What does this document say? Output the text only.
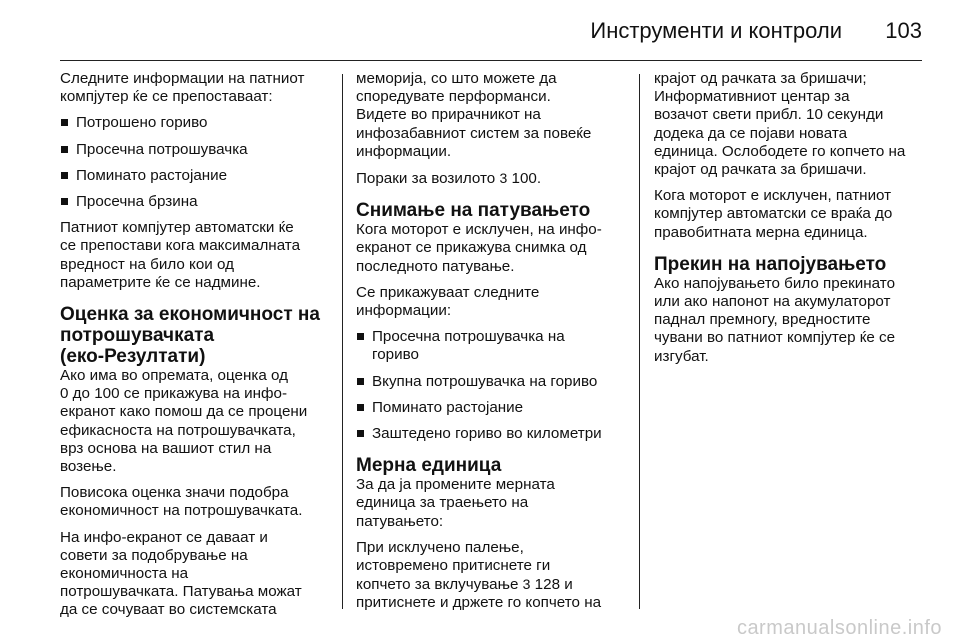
Инструменти и контроли 103

Следните информации на патниот
компјутер ќе се препоставаат:

Потрошено гориво
Просечна потрошувачка
Поминато растојание
Просечна брзина

Патниот компјутер автоматски ќе
се препостави кога максималната
вредност на било кои од
параметрите ќе се надмине.

Оценка за економичност на
потрошувачката
(еко-Резултати)

Ако има во опремата, оценка од
0 до 100 се прикажува на инфо-
екранот како помош да се процени
ефикасноста на потрошувачката,
врз основа на вашиот стил на
возење.

Повисока оценка значи подобра
економичност на потрошувачката.

На инфо-екранот се даваат и
совети за подобрување на
економичноста на
потрошувачката. Патувања можат
да се сочуваат во системската

меморија, со што можете да
споредувате перформанси.
Видете во прирачникот на
инфозабавниот систем за повеќе
информации.

Пораки за возилото 3 100.

Снимање на патувањето

Кога моторот е исклучен, на инфо-
екранот се прикажува снимка од
последното патување.

Се прикажуваат следните
информации:

Просечна потрошувачка на
гориво
Вкупна потрошувачка на гориво
Поминато растојание
Заштедено гориво во километри
Мерна единица

За да ја промените мерната
единица за траењето на
патувањето:

При исклучено палење,
истовремено притиснете ги
копчето за вклучување 3 128 и
притиснете и држете го копчето на

крајот од рачката за бришачи;
Информативниот центар за
возачот свети прибл. 10 секунди
додека да се појави новата
единица. Ослободете го копчето на
крајот од рачката за бришачи.

Кога моторот е исклучен, патниот
компјутер автоматски се враќа до
правобитната мерна единица.

Прекин на напојувањето

Ако напојувањето било прекинато
или ако напонот на акумулаторот
паднал премногу, вредностите
чувани во патниот компјутер ќе се
изгубат.

carmanualsonline.info
